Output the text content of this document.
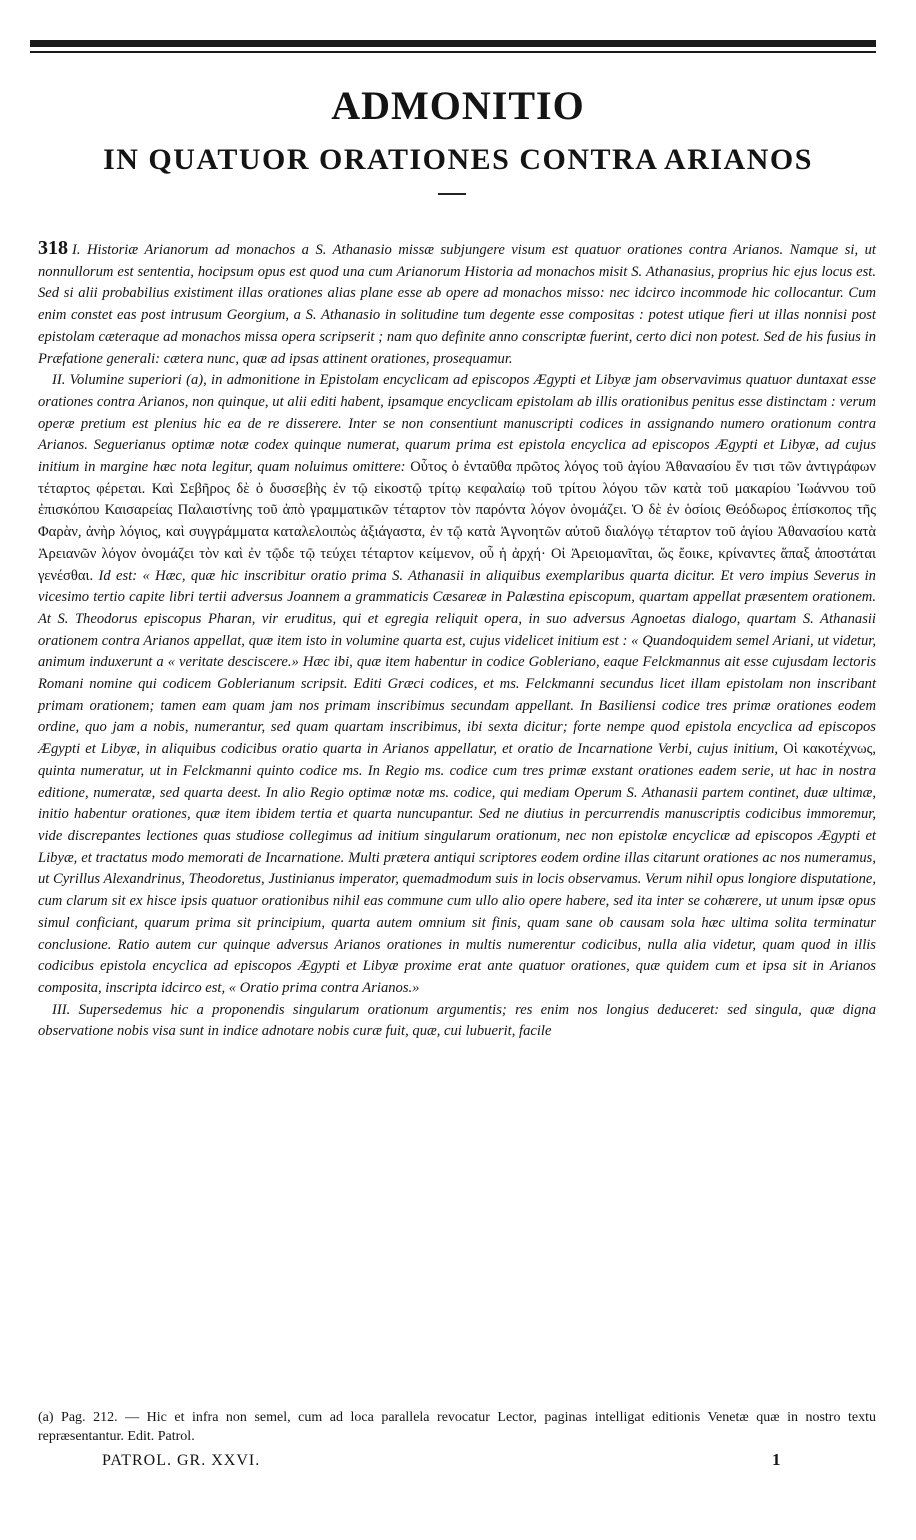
ADMONITIO
IN QUATUOR ORATIONES CONTRA ARIANOS

318 I. Historiæ Arianorum ad monachos a S. Athanasio missæ subjungere visum est quatuor orationes contra Arianos. Namque si, ut nonnullorum est sententia, hocipsum opus est quod una cum Arianorum Historia ad monachos misit S. Athanasius, proprius hic ejus locus est. Sed si alii probabilius existiment illas orationes alias plane esse ab opere ad monachos misso: nec idcirco incommode hic collocantur. Cum enim constet eas post intrusum Georgium, a S. Athanasio in solitudine tum degente esse compositas : potest utique fieri ut illas nonnisi post epistolam cæteraque ad monachos missa opera scripserit ; nam quo definite anno conscriptæ fuerint, certo dici non potest. Sed de his fusius in Præfatione generali: cætera nunc, quæ ad ipsas attinent orationes, prosequamur.

II. Volumine superiori (a), in admonitione in Epistolam encyclicam ad episcopos Ægypti et Libyæ jam observavimus quatuor duntaxat esse orationes contra Arianos, non quinque, ut alii editi habent, ipsamque encyclicam epistolam ab illis orationibus penitus esse distinctam : verum operæ pretium est plenius hic ea de re disserere. Inter se non consentiunt manuscripti codices in assignando numero orationum contra Arianos. Seguerianus optimæ notæ codex quinque numerat, quarum prima est epistola encyclica ad episcopos Ægypti et Libyæ, ad cujus initium in margine hæc nota legitur, quam noluimus omittere: Οὗτος ὁ ἐνταῦθα πρῶτος λόγος τοῦ ἁγίου Ἀθανασίου ἔν τισι τῶν ἀντιγράφων τέταρτος φέρεται. Καὶ Σεβῆρος δὲ ὁ δυσσεβὴς ἐν τῷ εἰκοστῷ τρίτῳ κεφαλαίῳ τοῦ τρίτου λόγου τῶν κατὰ τοῦ μακαρίου Ἰωάννου τοῦ ἐπισκόπου Καισαρείας Παλαιστίνης τοῦ ἀπὸ γραμματικῶν τέταρτον τὸν παρόντα λόγον ὀνομάζει. Ὁ δὲ ἐν ὁσίοις Θεόδωρος ἐπίσκοπος τῆς Φαρὰν, ἀνὴρ λόγιος, καὶ συγγράμματα καταλελοιπὼς ἀξιάγαστα, ἐν τῷ κατὰ Ἀγνοητῶν αὐτοῦ διαλόγῳ τέταρτον τοῦ ἁγίου Ἀθανασίου κατὰ Ἀρειανῶν λόγον ὀνομάζει τὸν καὶ ἐν τῷδε τῷ τεύχει τέταρτον κείμενον, οὗ ἡ ἀρχή· Οἱ Ἀρειομανῖται, ὥς ἔοικε, κρίναντες ἅπαξ ἀποστάται γενέσθαι. Id est: « Hæc, quæ hic inscribitur oratio prima S. Athanasii in aliquibus exemplaribus quarta dicitur. Et vero impius Severus in vicesimo tertio capite libri tertii adversus Joannem a grammaticis Cæsareæ in Palæstina episcopum, quartam appellat præsentem orationem. At S. Theodorus episcopus Pharan, vir eruditus, qui et egregia reliquit opera, in suo adversus Agnoetas dialogo, quartam S. Athanasii orationem contra Arianos appellat, quæ item isto in volumine quarta est, cujus videlicet initium est : « Quandoquidem semel Ariani, ut videtur, animum induxerunt a « veritate desciscere.» Hæc ibi, quæ item habentur in codice Gobleriano, eaque Felckmannus ait esse cujusdam lectoris Romani nomine qui codicem Goblerianum scripsit. Editi Græci codices, et ms. Felckmanni secundus licet illam epistolam non inscribant primam orationem; tamen eam quam jam nos primam inscribimus secundam appellant. In Basiliensi codice tres primæ orationes eodem ordine, quo jam a nobis, numerantur, sed quam quartam inscribimus, ibi sexta dicitur; forte nempe quod epistola encyclica ad episcopos Ægypti et Libyæ, in aliquibus codicibus oratio quarta in Arianos appellatur, et oratio de Incarnatione Verbi, cujus initium, Οἱ κακοτέχνως, quinta numeratur, ut in Felckmanni quinto codice ms. In Regio ms. codice cum tres primæ exstant orationes eadem serie, ut hac in nostra editione, numeratæ, sed quarta deest. In alio Regio optimæ notæ ms. codice, qui mediam Operum S. Athanasii partem continet, duæ ultimæ, initio habentur orationes, quæ item ibidem tertia et quarta nuncupantur. Sed ne diutius in percurrendis manuscriptis codicibus immoremur, vide discrepantes lectiones quas studiose collegimus ad initium singularum orationum, nec non epistolæ encyclicæ ad episcopos Ægypti et Libyæ, et tractatus modo memorati de Incarnatione. Multi prætera antiqui scriptores eodem ordine illas citarunt orationes ac nos numeramus, ut Cyrillus Alexandrinus, Theodoretus, Justinianus imperator, quemadmodum suis in locis observamus. Verum nihil opus longiore disputatione, cum clarum sit ex hisce ipsis quatuor orationibus nihil eas commune cum ullo alio opere habere, sed ita inter se cohærere, ut unum ipsæ opus simul conficiant, quarum prima sit principium, quarta autem omnium sit finis, quam sane ob causam sola hæc ultima solita terminatur conclusione. Ratio autem cur quinque adversus Arianos orationes in multis numerentur codicibus, nulla alia videtur, quam quod in illis codicibus epistola encyclica ad episcopos Ægypti et Libyæ proxime erat ante quatuor orationes, quæ quidem cum et ipsa sit in Arianos composita, inscripta idcirco est, « Oratio prima contra Arianos.»

III. Supersedemus hic a proponendis singularum orationum argumentis; res enim nos longius deduceret: sed singula, quæ digna observatione nobis visa sunt in indice adnotare nobis curæ fuit, quæ, cui lubuerit, facile

(a) Pag. 212. — Hic et infra non semel, cum ad loca parallela revocatur Lector, paginas intelligat editionis Venetæ quæ in nostro textu repræsentantur. Edit. Patrol.
PATROL. GR. XXVI.	1
